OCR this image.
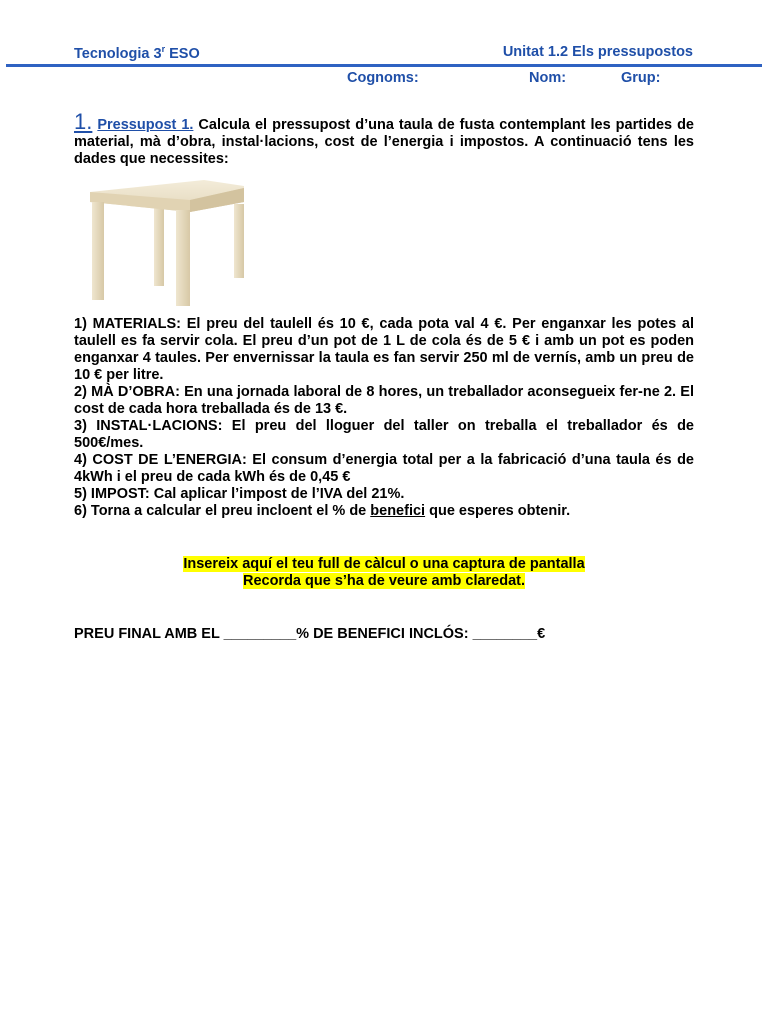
Tecnologia 3$^r$ ESO	Unitat 1.2 Els pressupostos
Cognoms:	Nom:	Grup:

1. Pressupost 1. Calcula el pressupost d’una taula de fusta contemplant les partides de material, mà d’obra, instal·lacions, cost de l’energia i impostos. A continuació tens les dades que necessites:

1) MATERIALS: El preu del taulell és 10 €, cada pota val 4 €. Per enganxar les potes al taulell es fa servir cola. El preu d’un pot de 1 L de cola és de 5 € i amb un pot es poden enganxar 4 taules. Per envernissar la taula es fan servir 250 ml de vernís, amb un preu de 10 € per litre.

2) MÀ D’OBRA: En una jornada laboral de 8 hores, un treballador aconsegueix fer-ne 2. El cost de cada hora treballada és de 13 €.

3) INSTAL·LACIONS: El preu del lloguer del taller on treballa el treballador és de 500€/mes.

4) COST DE L’ENERGIA: El consum d’energia total per a la fabricació d’una taula és de 4kWh i el preu de cada kWh és de 0,45 €

5) IMPOST: Cal aplicar l’impost de l’IVA del 21%.

6) Torna a calcular el preu incloent el % de benefici que esperes obtenir.

Insereix aquí el teu full de càlcul o una captura de pantalla
Recorda que s’ha de veure amb claredat.
PREU FINAL AMB EL _________% DE BENEFICI INCLÓS: ________€
